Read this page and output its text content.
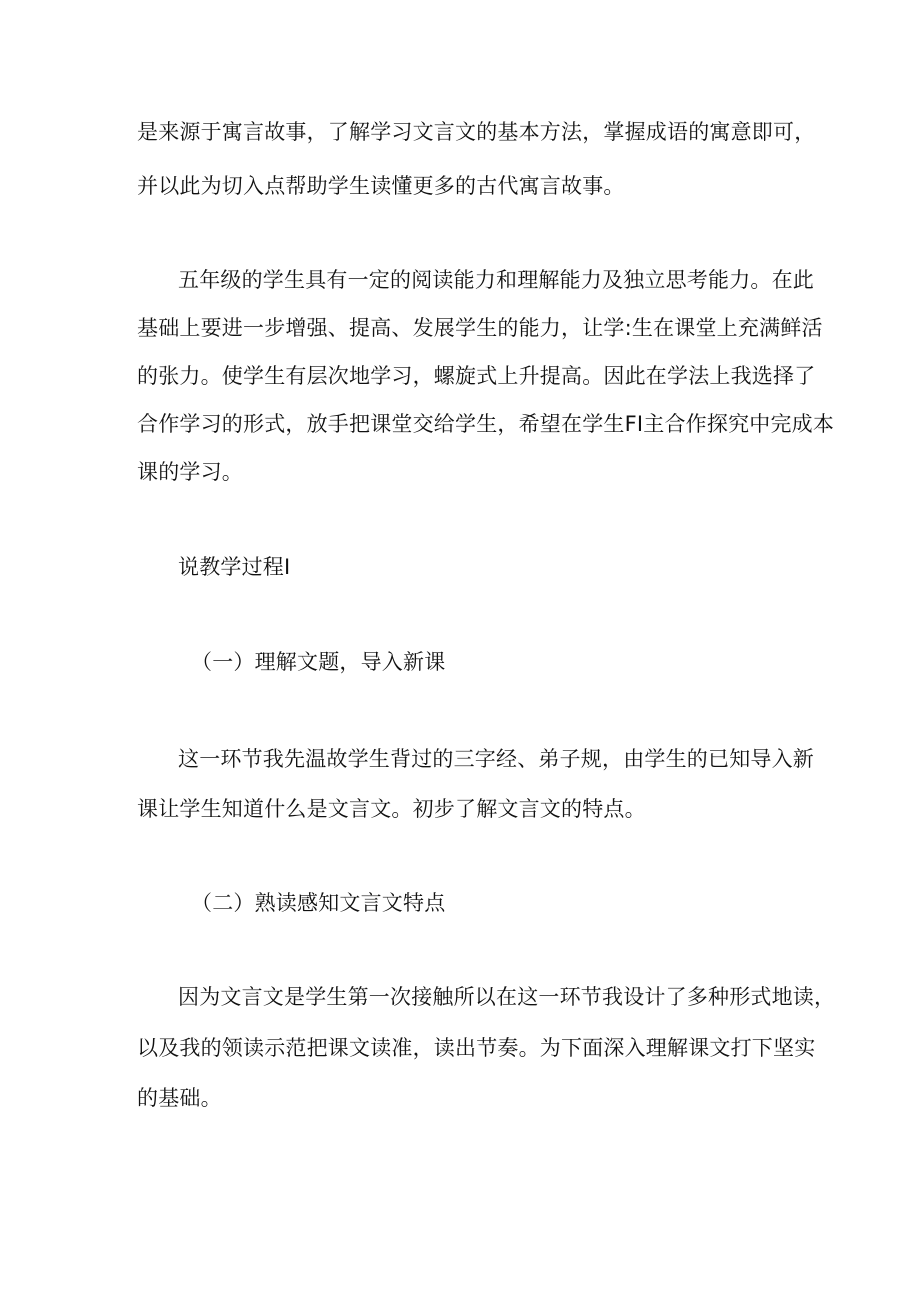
是来源于寓言故事，了解学习文言文的基本方法，掌握成语的寓意即可，
并以此为切入点帮助学生读懂更多的古代寓言故事。
五年级的学生具有一定的阅读能力和理解能力及独立思考能力。在此
基础上要进一步增强、提高、发展学生的能力，让学:生在课堂上充满鲜活
的张力。使学生有层次地学习，螺旋式上升提高。因此在学法上我选择了
合作学习的形式，放手把课堂交给学生，希望在学生FI主合作探究中完成本
课的学习。
说教学过程I
（一）理解文题，导入新课
这一环节我先温故学生背过的三字经、弟子规，由学生的已知导入新
课让学生知道什么是文言文。初步了解文言文的特点。
（二）熟读感知文言文特点
因为文言文是学生第一次接触所以在这一环节我设计了多种形式地读，
以及我的领读示范把课文读准，读出节奏。为下面深入理解课文打下坚实
的基础。
